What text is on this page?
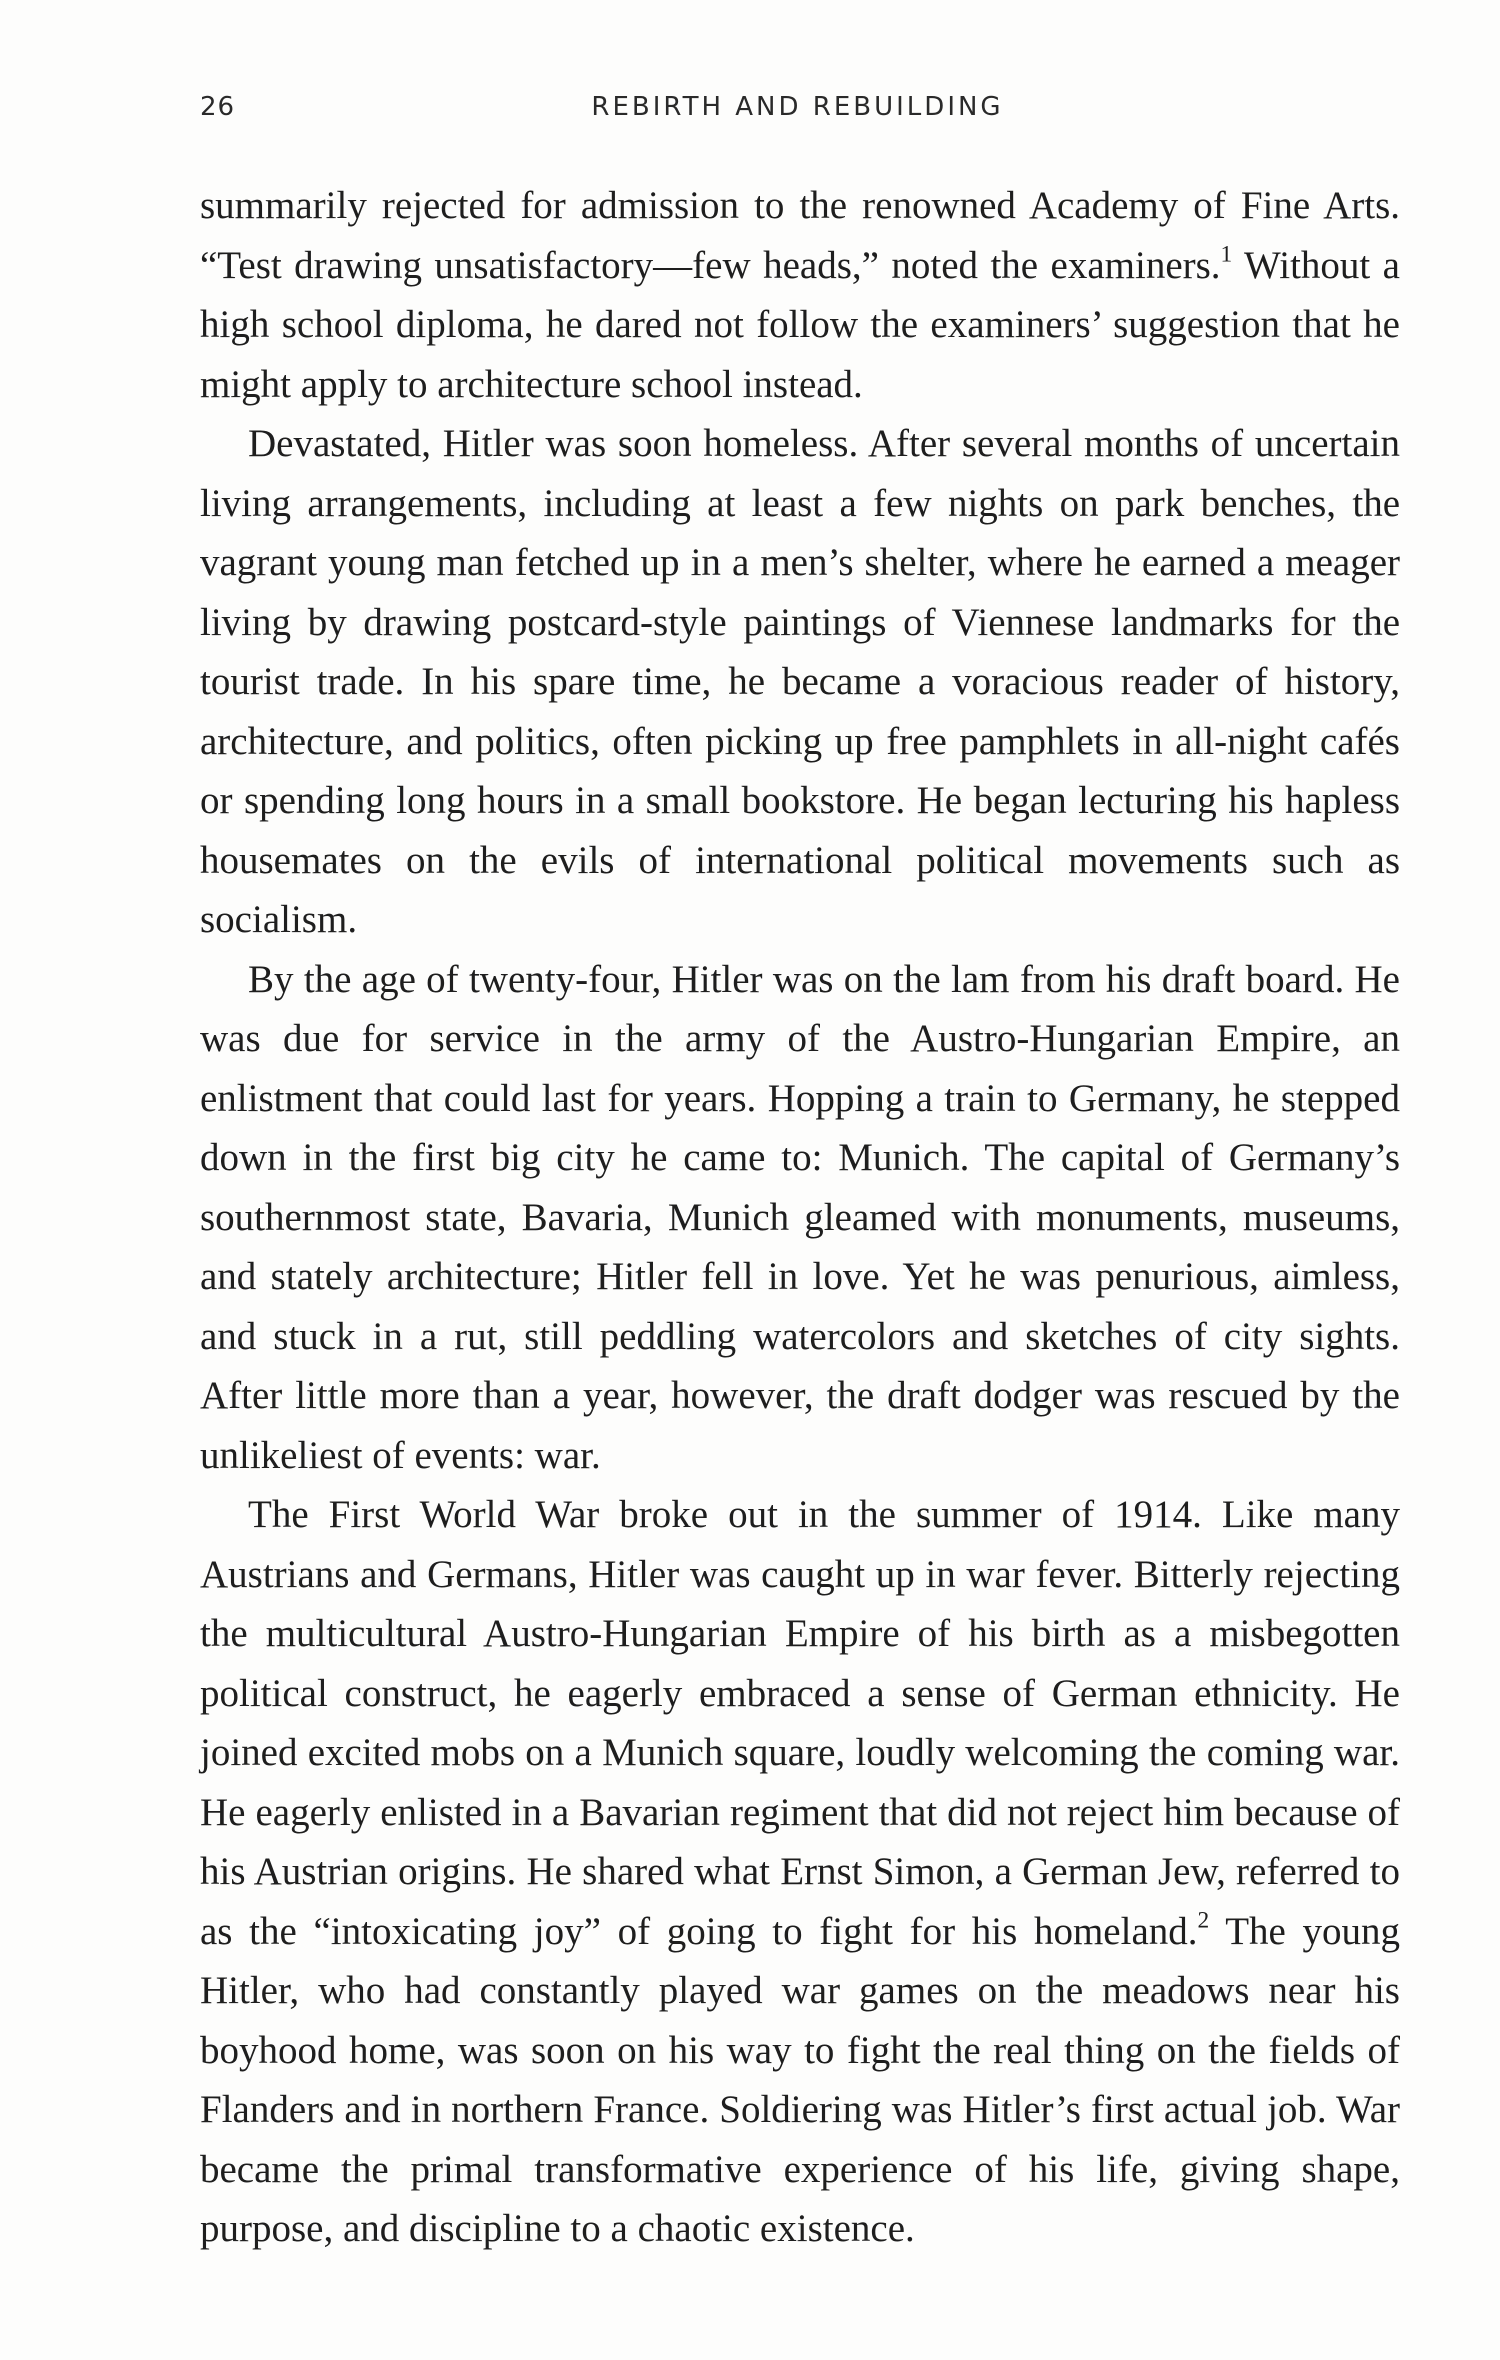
26	REBIRTH AND REBUILDING

summarily rejected for admission to the renowned Academy of Fine Arts. “Test drawing unsatisfactory—few heads,” noted the examiners.$^1$ Without a high school diploma, he dared not follow the examiners’ suggestion that he might apply to architecture school instead.

Devastated, Hitler was soon homeless. After several months of uncertain living arrangements, including at least a few nights on park benches, the vagrant young man fetched up in a men’s shelter, where he earned a meager living by drawing postcard-style paintings of Viennese landmarks for the tourist trade. In his spare time, he became a voracious reader of history, architecture, and politics, often picking up free pamphlets in all-night cafés or spending long hours in a small bookstore. He began lecturing his hapless housemates on the evils of international political movements such as socialism.

By the age of twenty-four, Hitler was on the lam from his draft board. He was due for service in the army of the Austro-Hungarian Empire, an enlistment that could last for years. Hopping a train to Germany, he stepped down in the first big city he came to: Munich. The capital of Germany’s southernmost state, Bavaria, Munich gleamed with monuments, museums, and stately architecture; Hitler fell in love. Yet he was penurious, aimless, and stuck in a rut, still peddling watercolors and sketches of city sights. After little more than a year, however, the draft dodger was rescued by the unlikeliest of events: war.

The First World War broke out in the summer of 1914. Like many Austrians and Germans, Hitler was caught up in war fever. Bitterly rejecting the multicultural Austro-Hungarian Empire of his birth as a misbegotten political construct, he eagerly embraced a sense of German ethnicity. He joined excited mobs on a Munich square, loudly welcoming the coming war. He eagerly enlisted in a Bavarian regiment that did not reject him because of his Austrian origins. He shared what Ernst Simon, a German Jew, referred to as the “intoxicating joy” of going to fight for his homeland.$^2$ The young Hitler, who had constantly played war games on the meadows near his boyhood home, was soon on his way to fight the real thing on the fields of Flanders and in northern France. Soldiering was Hitler’s first actual job. War became the primal transformative experience of his life, giving shape, purpose, and discipline to a chaotic existence.
